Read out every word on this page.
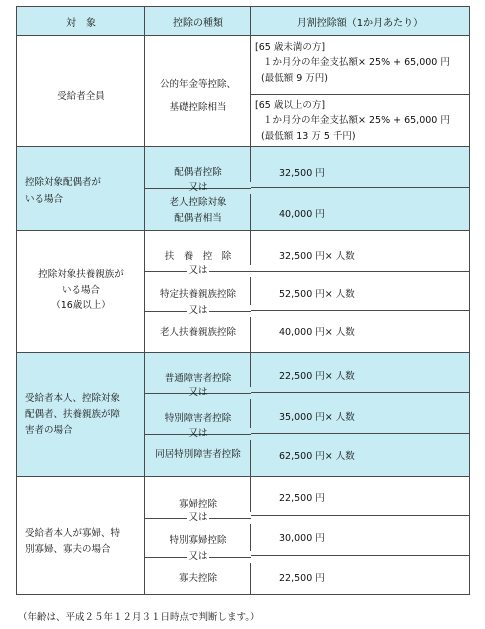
対　象	控除の種類	月割控除額（1か月あたり）
受給者全員
公的年金等控除、
基礎控除相当
[65 歳未満の方]
１か月分の年金支払額× 25% + 65,000 円
(最低額 9 万円)
[65 歳以上の方]
１か月分の年金支払額× 25% + 65,000 円
(最低額 13 万 5 千円)
控除対象配偶者が
いる場合
配偶者控除
又は
老人控除対象
配偶者相当
32,500 円
40,000 円
控除対象扶養親族が
いる場合
（16歳以上）
扶　養　控　除
又は
特定扶養親族控除
又は
老人扶養親族控除
32,500 円× 人数
52,500 円× 人数
40,000 円× 人数
受給者本人、控除対象
配偶者、扶養親族が障
害者の場合
普通障害者控除
又は
特別障害者控除
又は
同居特別障害者控除
22,500 円× 人数
35,000 円× 人数
62,500 円× 人数
受給者本人が寡婦、特
別寡婦、寡夫の場合
寡婦控除
又は
特別寡婦控除
又は
寡夫控除
22,500 円
30,000 円
22,500 円
（年齢は、平成２５年１２月３１日時点で判断します。）
